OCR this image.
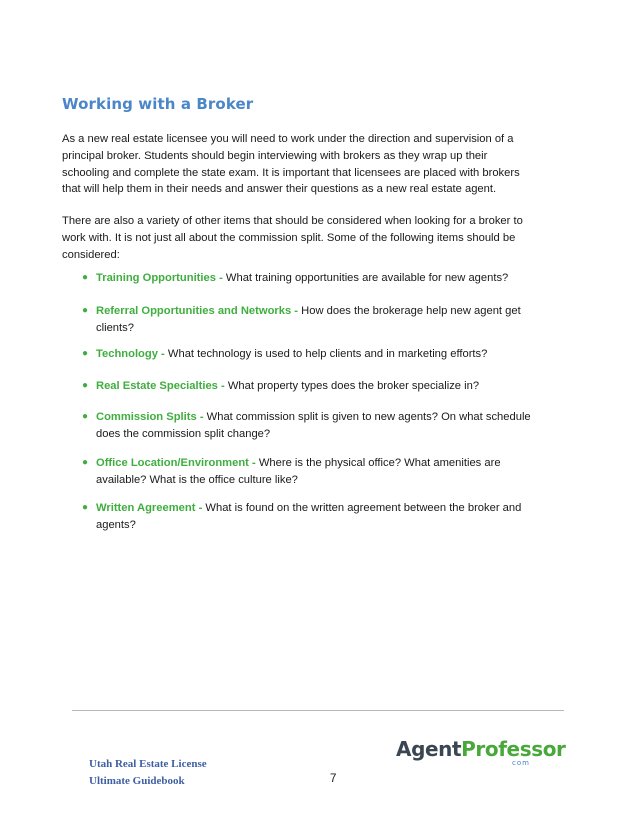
Working with a Broker

As a new real estate licensee you will need to work under the direction and supervision of a
principal broker. Students should begin interviewing with brokers as they wrap up their
schooling and complete the state exam. It is important that licensees are placed with brokers
that will help them in their needs and answer their questions as a new real estate agent.

There are also a variety of other items that should be considered when looking for a broker to
work with. It is not just all about the commission split. Some of the following items should be
considered:

● Training Opportunities - What training opportunities are available for new agents?
● Referral Opportunities and Networks - How does the brokerage help new agent get
clients?
● Technology - What technology is used to help clients and in marketing efforts?
● Real Estate Specialties - What property types does the broker specialize in?
● Commission Splits - What commission split is given to new agents? On what schedule
does the commission split change?
● Office Location/Environment - Where is the physical office? What amenities are
available? What is the office culture like?
● Written Agreement - What is found on the written agreement between the broker and
agents?
Utah Real Estate License
Ultimate Guidebook	7
AgentProfessor
com
